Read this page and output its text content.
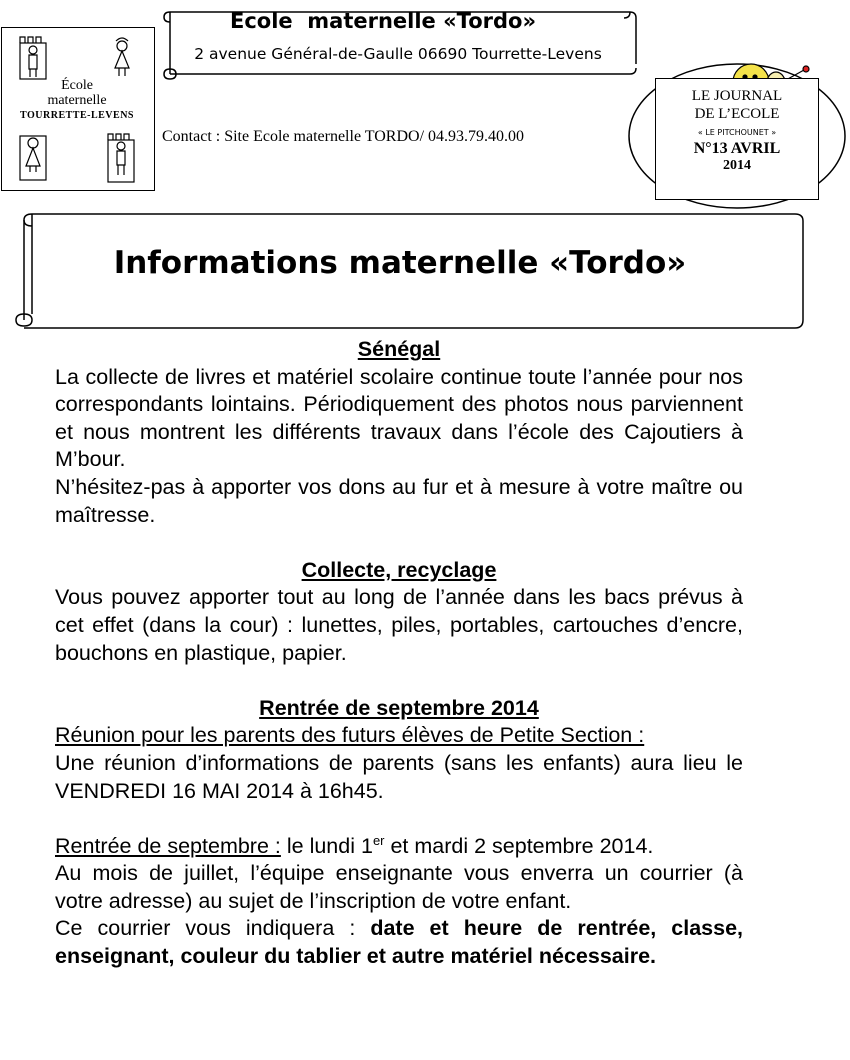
École
maternelle
TOURRETTE-LEVENS
Ecole  maternelle «Tordo»
2 avenue Général-de-Gaulle 06690 Tourrette-Levens
Contact : Site Ecole maternelle TORDO/ 04.93.79.40.00
LE JOURNAL
DE L’ECOLE
« LE PITCHOUNET »
N°13 AVRIL
2014
Informations maternelle «Tordo»

Sénégal

La collecte de livres et matériel scolaire continue toute l’année pour nos correspondants lointains. Périodiquement des photos nous parviennent et nous montrent les différents travaux dans l’école des Cajoutiers à M’bour.

N’hésitez-pas à apporter vos dons au fur et à mesure à votre maître ou maîtresse.

Collecte, recyclage

Vous pouvez apporter tout au long de l’année dans les bacs prévus à cet effet (dans la cour) : lunettes, piles, portables, cartouches d’encre, bouchons en plastique, papier.

Rentrée de septembre 2014

Réunion pour les parents des futurs élèves de Petite Section :

Une réunion d’informations de parents (sans les enfants) aura lieu le VENDREDI 16 MAI 2014 à 16h45.

Rentrée de septembre : le lundi 1er et mardi 2 septembre 2014.

Au mois de juillet, l’équipe enseignante vous enverra un courrier (à votre adresse) au sujet de l’inscription de votre enfant.

Ce courrier vous indiquera : date et heure de rentrée, classe, enseignant, couleur du tablier et autre matériel nécessaire.
